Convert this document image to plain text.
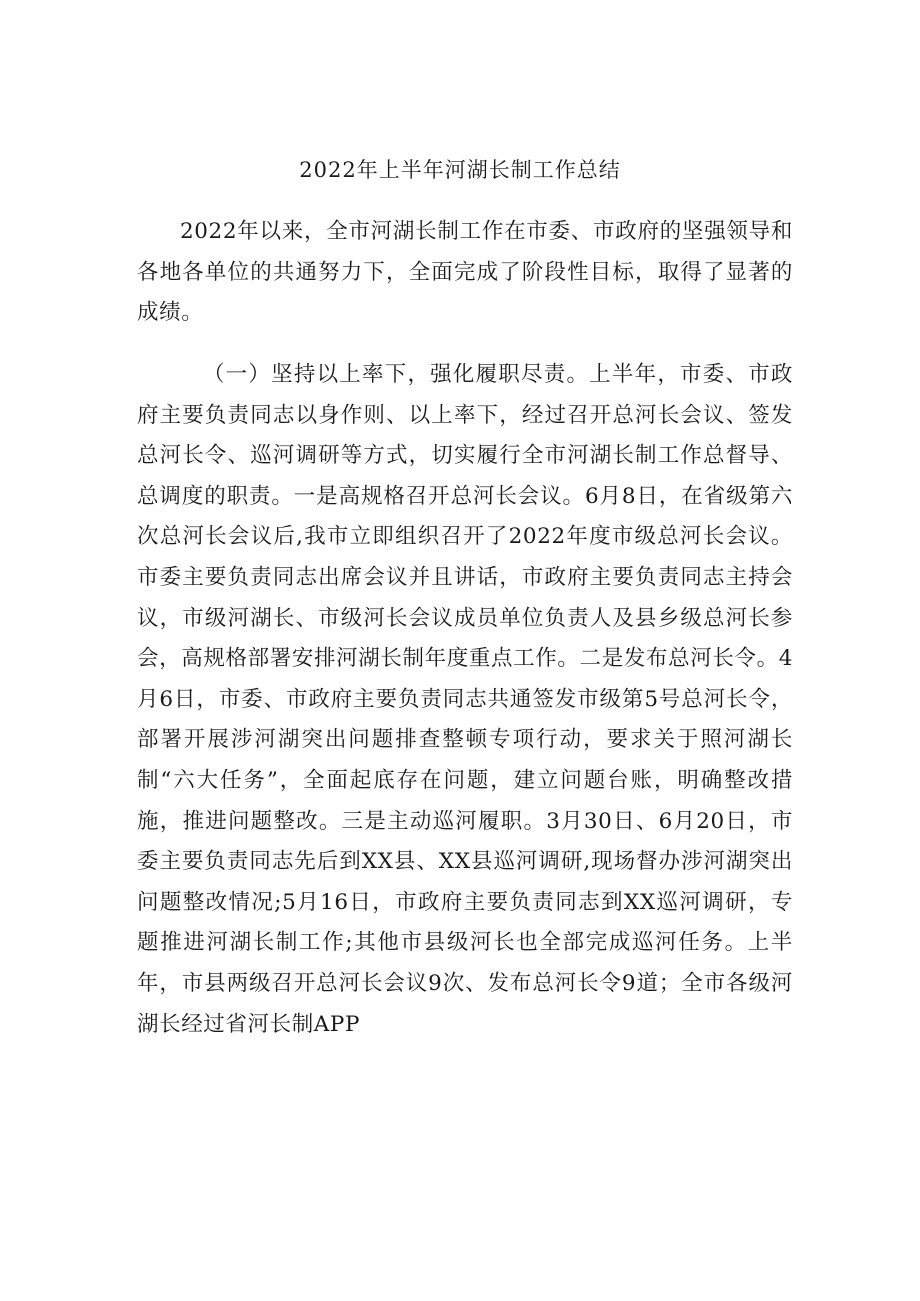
2022年上半年河湖长制工作总结

2022年以来，全市河湖长制工作在市委、市政府的坚强领导和各地各单位的共通努力下，全面完成了阶段性目标，取得了显著的成绩。

（一）坚持以上率下，强化履职尽责。上半年，市委、市政府主要负责同志以身作则、以上率下，经过召开总河长会议、签发总河长令、巡河调研等方式，切实履行全市河湖长制工作总督导、总调度的职责。一是高规格召开总河长会议。6月8日，在省级第六次总河长会议后,我市立即组织召开了2022年度市级总河长会议。市委主要负责同志出席会议并且讲话，市政府主要负责同志主持会议，市级河湖长、市级河长会议成员单位负责人及县乡级总河长参会，高规格部署安排河湖长制年度重点工作。二是发布总河长令。4月6日，市委、市政府主要负责同志共通签发市级第5号总河长令，部署开展涉河湖突出问题排查整顿专项行动，要求关于照河湖长制“六大任务”，全面起底存在问题，建立问题台账，明确整改措施，推进问题整改。三是主动巡河履职。3月30日、6月20日，市委主要负责同志先后到XX县、XX县巡河调研,现场督办涉河湖突出问题整改情况;5月16日，市政府主要负责同志到XX巡河调研，专题推进河湖长制工作;其他市县级河长也全部完成巡河任务。上半年，市县两级召开总河长会议9次、发布总河长令9道；全市各级河湖长经过省河长制APP
